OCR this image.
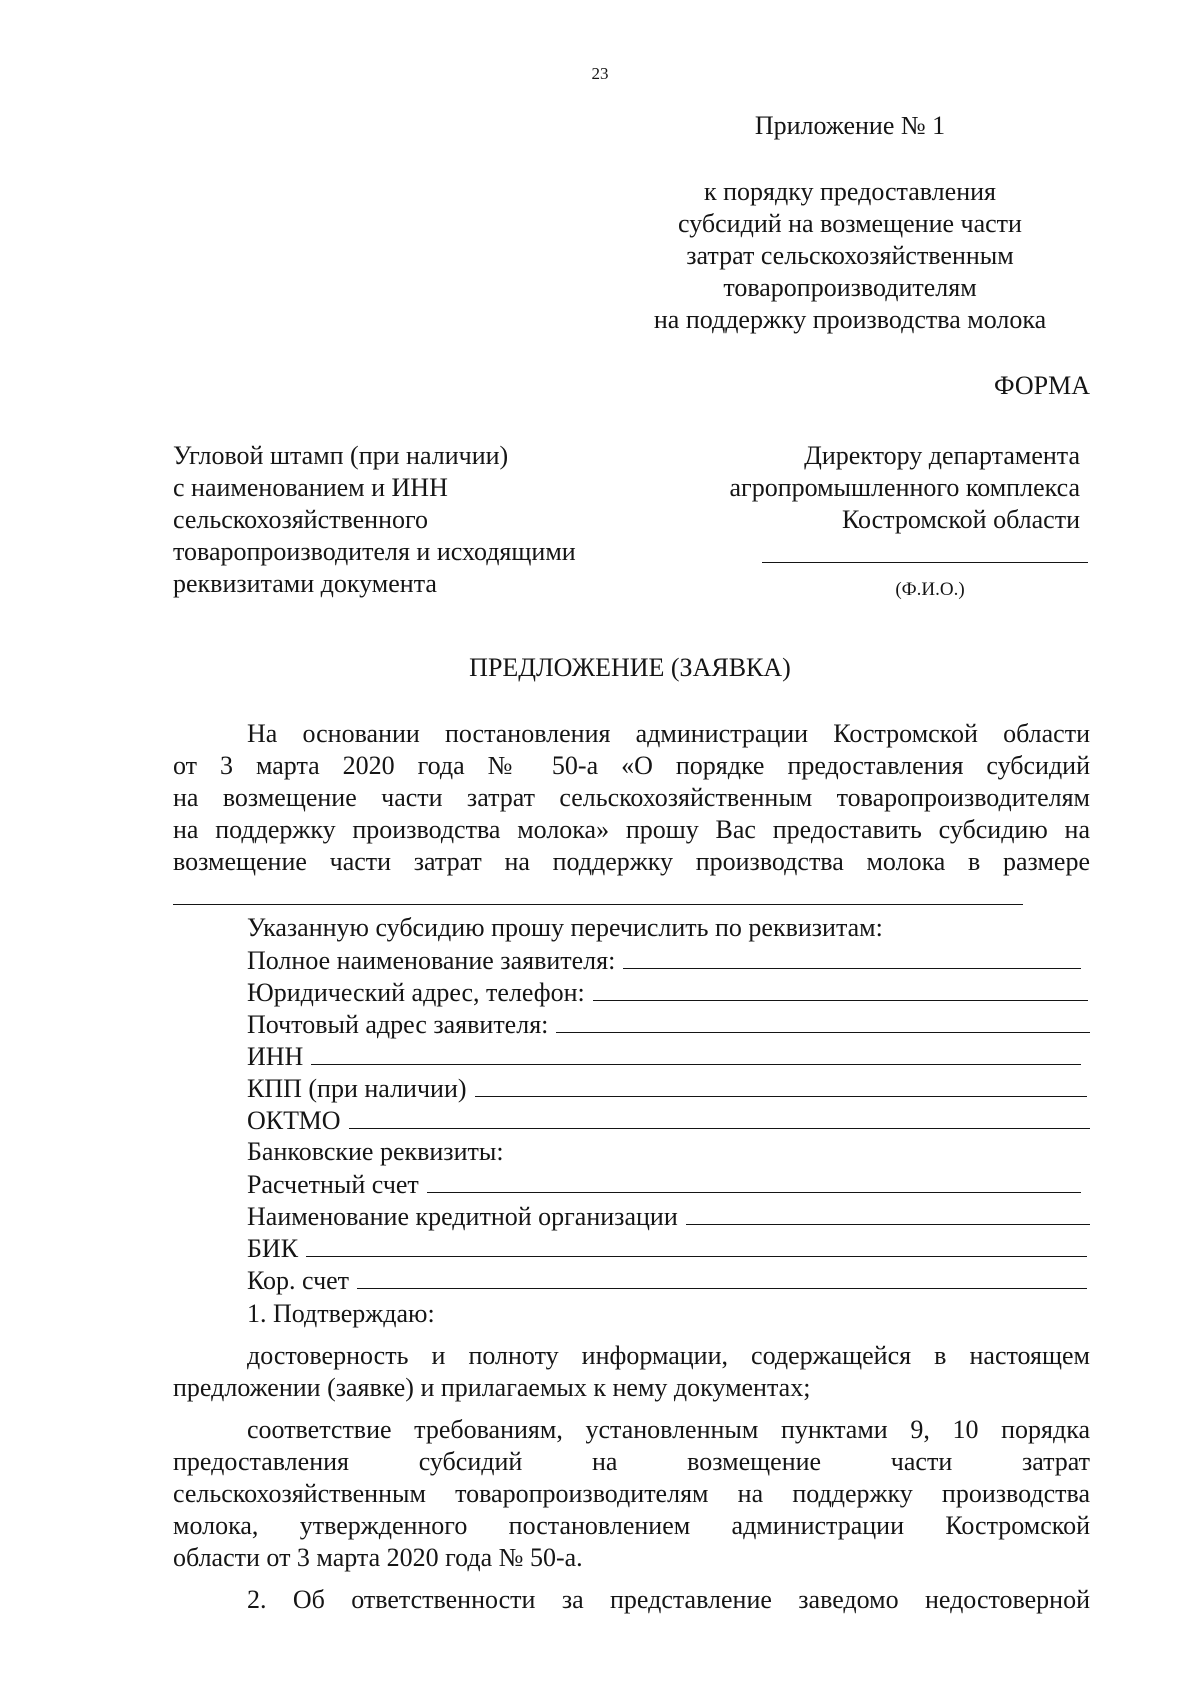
23
Приложение № 1
к порядку предоставления
субсидий на возмещение части
затрат сельскохозяйственным
товаропроизводителям
на поддержку производства молока
ФОРМА
Угловой штамп (при наличии)
с наименованием и ИНН
сельскохозяйственного
товаропроизводителя и исходящими
реквизитами документа
Директору департамента
агропромышленного комплекса
Костромской области
(Ф.И.О.)
ПРЕДЛОЖЕНИЕ (ЗАЯВКА)
На основании постановления администрации Костромской области
от 3 марта 2020 года № 50-а «О порядке предоставления субсидий
на возмещение части затрат сельскохозяйственным товаропроизводителям
на поддержку производства молока» прошу Вас предоставить субсидию на
возмещение части затрат на поддержку производства молока в размере
Указанную субсидию прошу перечислить по реквизитам:
Полное наименование заявителя:
Юридический адрес, телефон:
Почтовый адрес заявителя:
ИНН
КПП (при наличии)
ОКТМО
Банковские реквизиты:
Расчетный счет
Наименование кредитной организации
БИК
Кор. счет
1. Подтверждаю:
достоверность и полноту информации, содержащейся в настоящем
предложении (заявке) и прилагаемых к нему документах;
соответствие требованиям, установленным пунктами 9, 10 порядка
предоставления субсидий на возмещение части затрат
сельскохозяйственным товаропроизводителям на поддержку производства
молока, утвержденного постановлением администрации Костромской
области от 3 марта 2020 года № 50-а.
2. Об ответственности за представление заведомо недостоверной
